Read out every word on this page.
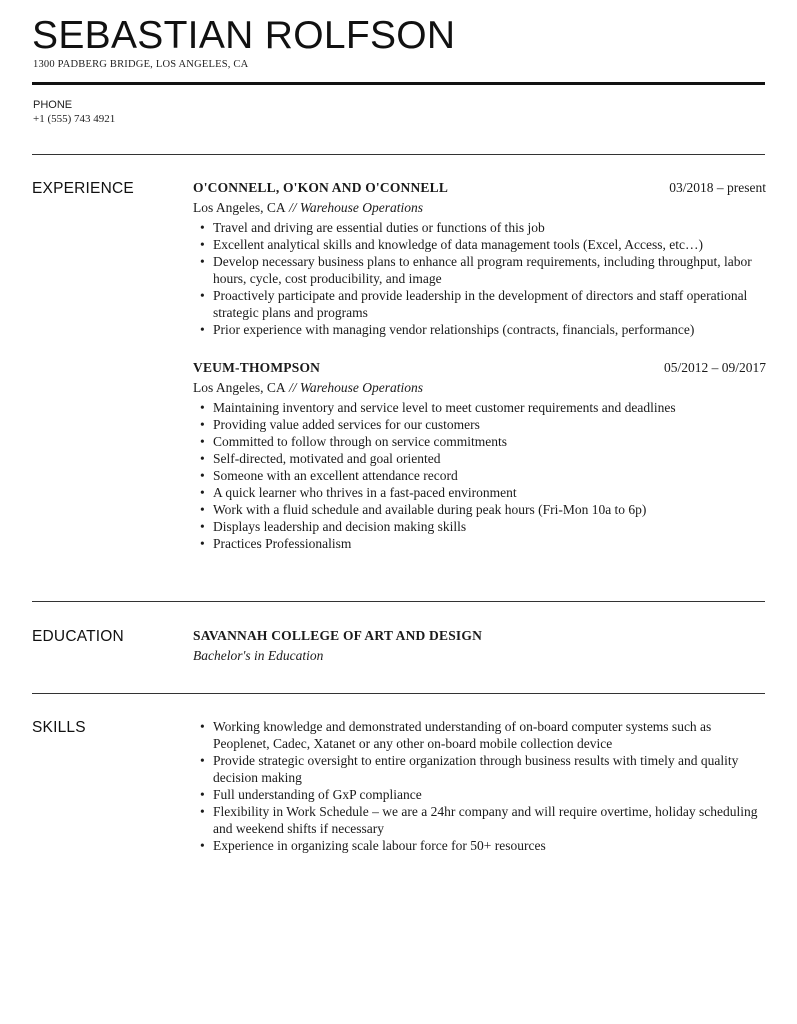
SEBASTIAN ROLFSON
1300 PADBERG BRIDGE, LOS ANGELES, CA
PHONE
+1 (555) 743 4921
EXPERIENCE	O'CONNELL, O'KON AND O'CONNELL	03/2018 – present
Los Angeles, CA // Warehouse Operations
• Travel and driving are essential duties or functions of this job
• Excellent analytical skills and knowledge of data management tools (Excel, Access, etc…)
• Develop necessary business plans to enhance all program requirements, including throughput, labor hours, cycle, cost producibility, and image
• Proactively participate and provide leadership in the development of directors and staff operational strategic plans and programs
• Prior experience with managing vendor relationships (contracts, financials, performance)
VEUM-THOMPSON	05/2012 – 09/2017
Los Angeles, CA // Warehouse Operations
• Maintaining inventory and service level to meet customer requirements and deadlines
• Providing value added services for our customers
• Committed to follow through on service commitments
• Self-directed, motivated and goal oriented
• Someone with an excellent attendance record
• A quick learner who thrives in a fast-paced environment
• Work with a fluid schedule and available during peak hours (Fri-Mon 10a to 6p)
• Displays leadership and decision making skills
• Practices Professionalism
EDUCATION	SAVANNAH COLLEGE OF ART AND DESIGN
Bachelor's in Education
SKILLS
•	Working knowledge and demonstrated understanding of on-board computer systems such as Peoplenet, Cadec, Xatanet or any other on-board mobile collection device
• Provide strategic oversight to entire organization through business results with timely and quality decision making
• Full understanding of GxP compliance
• Flexibility in Work Schedule – we are a 24hr company and will require overtime, holiday scheduling and weekend shifts if necessary
• Experience in organizing scale labour force for 50+ resources
